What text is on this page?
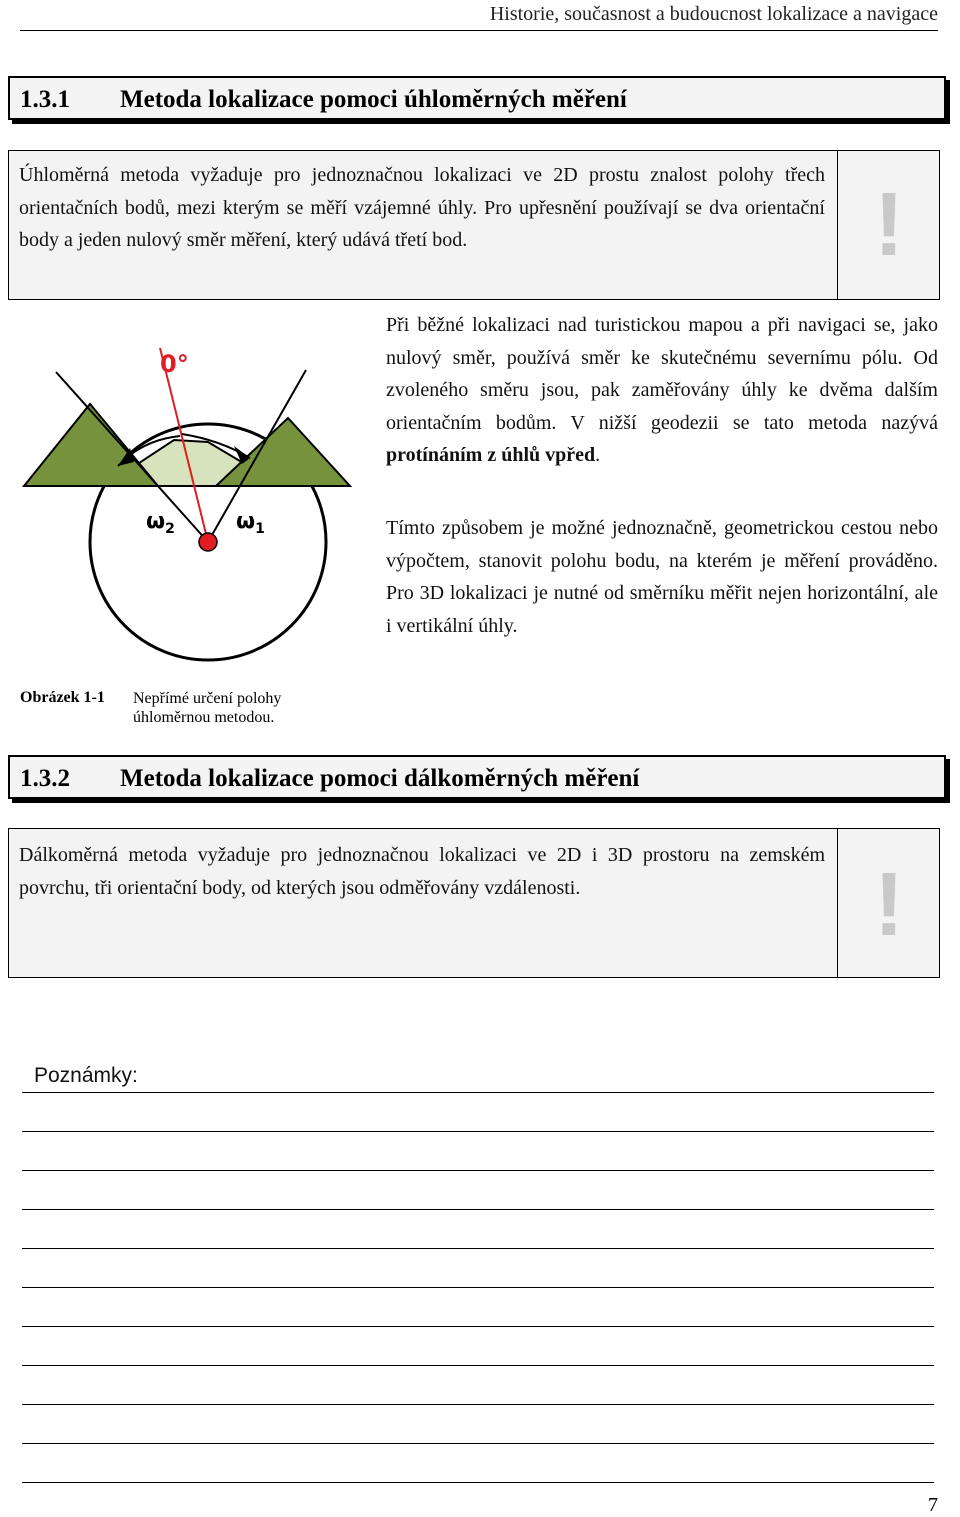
Historie, současnost a budoucnost lokalizace a navigace
1.3.1 Metoda lokalizace pomoci úhloměrných měření
Úhloměrná metoda vyžaduje pro jednoznačnou lokalizaci ve 2D prostu znalost polohy třech orientačních bodů, mezi kterým se měří vzájemné úhly. Pro upřesnění používají se dva orientační body a jeden nulový směr měření, který udává třetí bod.	!
0°
$\omega_2$	$\omega_1$
Při běžné lokalizaci nad turistickou mapou a při navigaci se, jako nulový směr, používá směr ke skutečnému severnímu pólu. Od zvoleného směru jsou, pak zaměřovány úhly ke dvěma dalším orientačním bodům. V nižší geodezii se tato metoda nazývá protínáním z úhlů vpřed.
Tímto způsobem je možné jednoznačně, geometrickou cestou nebo výpočtem, stanovit polohu bodu, na kterém je měření prováděno. Pro 3D lokalizaci je nutné od směrníku měřit nejen horizontální, ale i vertikální úhly.
Obrázek 1-1 Nepřímé určení polohy úhloměrnou metodou.
1.3.2 Metoda lokalizace pomoci dálkoměrných měření
Dálkoměrná metoda vyžaduje pro jednoznačnou lokalizaci ve 2D i 3D prostoru na zemském povrchu, tři orientační body, od kterých jsou odměřovány vzdálenosti.	!
Poznámky:
7
